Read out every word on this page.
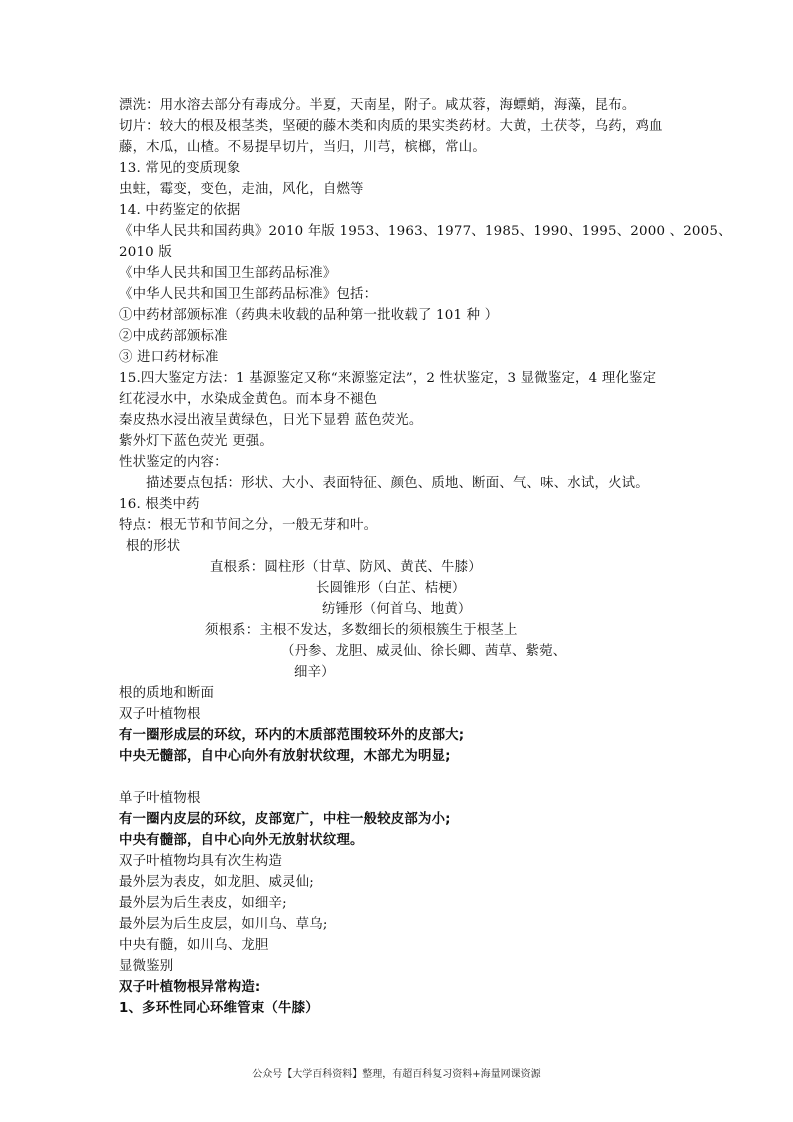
漂洗：用水溶去部分有毒成分。半夏，天南星，附子。咸苁蓉，海螵蛸，海藻，昆布。
切片：较大的根及根茎类，坚硬的藤木类和肉质的果实类药材。大黄，土茯苓，乌药，鸡血
藤，木瓜，山楂。不易提早切片，当归，川芎，槟榔，常山。
13. 常见的变质现象
虫蛀，霉变，变色，走油，风化，自燃等
14. 中药鉴定的依据
《中华人民共和国药典》2010 年版 1953、1963、1977、1985、1990、1995、2000 、2005、
2010 版
《中华人民共和国卫生部药品标准》
《中华人民共和国卫生部药品标准》包括：
①中药材部颁标准（药典未收载的品种第一批收载了 101 种 ）
②中成药部颁标准
③ 进口药材标准
15.四大鉴定方法：1 基源鉴定又称“来源鉴定法”，2 性状鉴定，3 显微鉴定，4 理化鉴定
红花浸水中，水染成金黄色。而本身不褪色
秦皮热水浸出液呈黄绿色，日光下显碧 蓝色荧光。
紫外灯下蓝色荧光 更强。
性状鉴定的内容：
描述要点包括：形状、大小、表面特征、颜色、质地、断面、气、味、水试，火试。
16. 根类中药
特点：根无节和节间之分，一般无芽和叶。
根的形状
直根系：圆柱形（甘草、防风、黄芪、牛膝）
长圆锥形（白芷、桔梗）
纺锤形（何首乌、地黄）
须根系：主根不发达，多数细长的须根簇生于根茎上
（丹参、龙胆、威灵仙、徐长卿、茜草、紫菀、
细辛）
根的质地和断面
双子叶植物根
有一圈形成层的环纹，环内的木质部范围较环外的皮部大;
中央无髓部，自中心向外有放射状纹理，木部尤为明显;
单子叶植物根
有一圈内皮层的环纹，皮部宽广，中柱一般较皮部为小;
中央有髓部，自中心向外无放射状纹理。
双子叶植物均具有次生构造
最外层为表皮，如龙胆、威灵仙;
最外层为后生表皮，如细辛;
最外层为后生皮层，如川乌、草乌;
中央有髓，如川乌、龙胆
显微鉴别
双子叶植物根异常构造:
1、多环性同心环维管束（牛膝）
公众号【大学百科资料】整理，有超百科复习资料+海量网课资源
